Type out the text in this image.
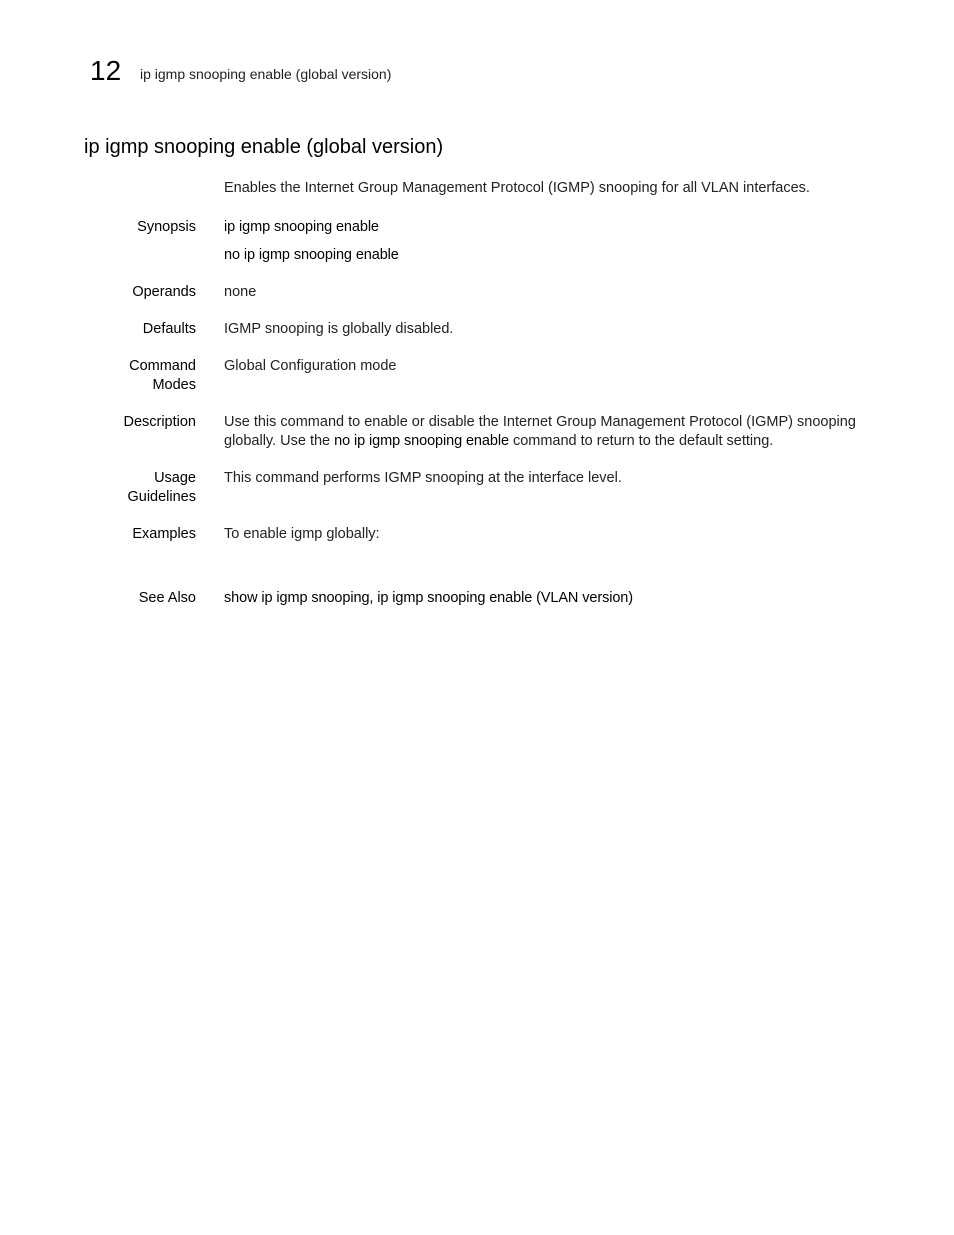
12 ip igmp snooping enable (global version)
ip igmp snooping enable (global version)
Enables the Internet Group Management Protocol (IGMP) snooping for all VLAN interfaces.
Synopsis ip igmp snooping enable
no ip igmp snooping enable
Operands none
Defaults IGMP snooping is globally disabled.
Command
Modes
Global Configuration mode
Description Use this command to enable or disable the Internet Group Management Protocol (IGMP) snooping
globally. Use the no ip igmp snooping enable command to return to the default setting.
Usage
Guidelines
This command performs IGMP snooping at the interface level.
Examples To enable igmp globally:
See Also show ip igmp snooping, ip igmp snooping enable (VLAN version)
